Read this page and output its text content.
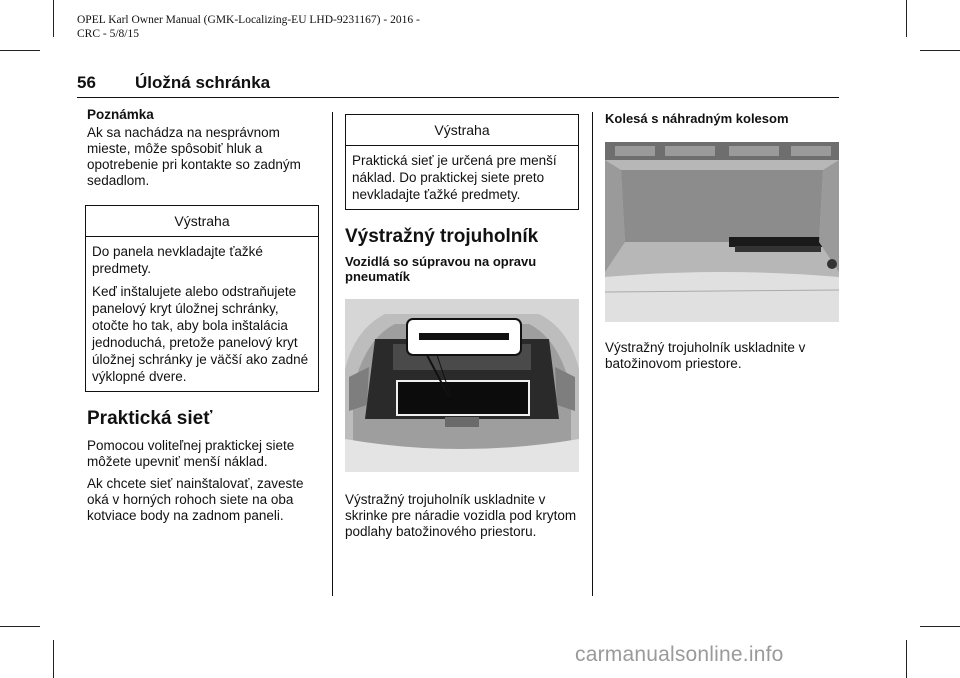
OPEL Karl Owner Manual (GMK-Localizing-EU LHD-9231167) - 2016 -
CRC - 5/8/15
56 Úložná schránka
Poznámka
Ak sa nachádza na nesprávnom mieste, môže spôsobiť hluk a opotrebenie pri kontakte so zadným sedadlom.
Výstraha
Do panela nevkladajte ťažké predmety.
Keď inštalujete alebo odstraňujete panelový kryt úložnej schránky, otočte ho tak, aby bola inštalácia jednoduchá, pretože panelový kryt úložnej schránky je väčší ako zadné výklopné dvere.
Praktická sieť
Pomocou voliteľnej praktickej siete môžete upevniť menší náklad.
Ak chcete sieť nainštalovať, zaveste oká v horných rohoch siete na oba kotviace body na zadnom paneli.
Výstraha
Praktická sieť je určená pre menší náklad. Do praktickej siete preto nevkladajte ťažké predmety.
Výstražný trojuholník
Vozidlá so súpravou na opravu pneumatík
Výstražný trojuholník uskladnite v skrinke pre náradie vozidla pod krytom podlahy batožinového priestoru.
Kolesá s náhradným kolesom
Výstražný trojuholník uskladnite v batožinovom priestore.
carmanualsonline.info
